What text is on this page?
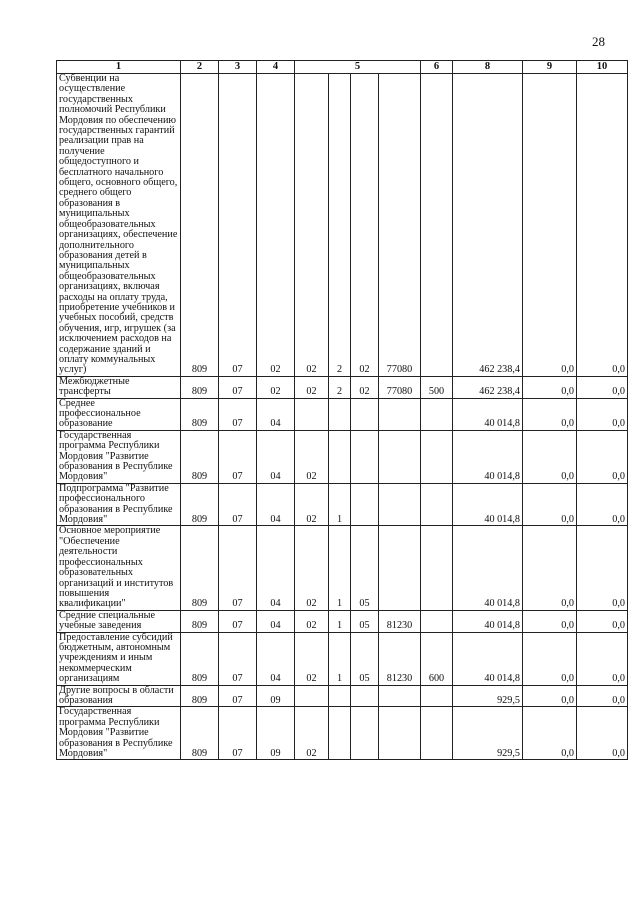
28
1	2	3	4	5				6	8	9	10
Субвенции на осуществление государственных полномочий Республики Мордовия по обеспечению государственных гарантий реализации прав на получение общедоступного и бесплатного начального общего, основного общего, среднего общего образования в муниципальных общеобразовательных организациях, обеспечение дополнительного образования детей в муниципальных общеобразовательных организациях, включая расходы на оплату труда, приобретение учебников и учебных пособий, средств обучения, игр, игрушек (за исключением расходов на содержание зданий и оплату коммунальных услуг)	809	07	02	02	2	02	77080		462 238,4	0,0	0,0
Межбюджетные трансферты	809	07	02	02	2	02	77080	500	462 238,4	0,0	0,0
Среднее профессиональное образование	809	07	04						40 014,8	0,0	0,0
Государственная программа Республики Мордовия "Развитие образования в Республике Мордовия"	809	07	04	02					40 014,8	0,0	0,0
Подпрограмма "Развитие профессионального образования в Республике Мордовия"	809	07	04	02	1				40 014,8	0,0	0,0
Основное мероприятие "Обеспечение деятельности профессиональных образовательных организаций и институтов повышения квалификации"	809	07	04	02	1	05			40 014,8	0,0	0,0
Средние специальные учебные заведения	809	07	04	02	1	05	81230		40 014,8	0,0	0,0
Предоставление субсидий бюджетным, автономным учреждениям и иным некоммерческим организациям	809	07	04	02	1	05	81230	600	40 014,8	0,0	0,0
Другие вопросы в области образования	809	07	09						929,5	0,0	0,0
Государственная программа Республики Мордовия "Развитие образования в Республике Мордовия"	809	07	09	02					929,5	0,0	0,0
